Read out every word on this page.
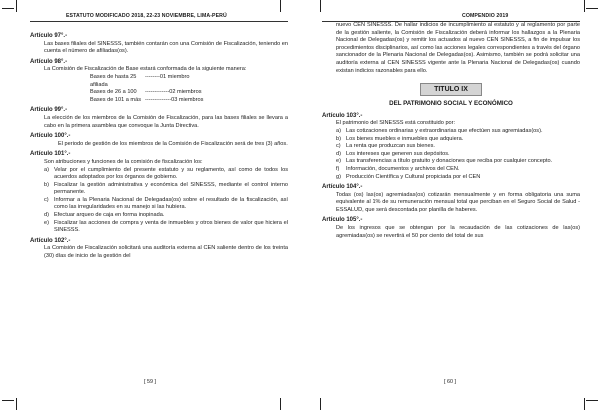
ESTATUTO MODIFICADO 2018, 22-23 NOVIEMBRE, LIMA-PERÚ
Artículo 97°.-
Las bases filiales del SINESSS, también contarán con una Comisión de Fiscalización, teniendo en cuenta el número de afiliadas(os).
Artículo 98°.-
La Comisión de Fiscalización de Base estará conformada de la siguiente manera:
Bases de hasta 25 afiliada
--------01 miembro
Bases de 26 a 100	-------------02 miembros
Bases de 101 a más --------------03 miembros
Artículo 99°.-
La elección de los miembros de la Comisión de Fiscalización, para las bases filiales se llevara a cabo en la primera asamblea que convoque la Junta Directiva.
Artículo 100°.-
El periodo de gestión de los miembros de la Comisión de Fiscalización será de tres (3) años.
Artículo 101°.-
Son atribuciones y funciones de la comisión de fiscalización los:
a) Velar por el cumplimiento del presente estatuto y su reglamento, así como de todos los acuerdos adoptados por los órganos de gobierno.
b) Fiscalizar la gestión administrativa y económica del SINESSS, mediante el control interno permanente.
c) Informar a la Plenaria Nacional de Delegadas(os) sobre el resultado de la fiscalización, así como las irregularidades en su manejo si las hubiera.
d) Efectuar arqueo de caja en forma inopinada.
e) Fiscalizar las acciones de compra y venta de inmuebles y otros bienes de valor que hiciera el SINESSS.
Artículo 102°.-
La Comisión de Fiscalización solicitará una auditoría externa al CEN saliente dentro de los treinta (30) días de inicio de la gestión del
[ 59 ]
COMPENDIO 2019
nuevo CEN SINESSS. De hallar indicios de incumplimiento al estatuto y al reglamento por parte de la gestión saliente, la Comisión de Fiscalización deberá informar los hallazgos a la Plenaria Nacional de Delegadas(os) y remitir los actuados al nuevo CEN SINESSS, a fin de impulsar los procedimientos disciplinarios, así como las acciones legales correspondientes a través del órgano sancionador de la Plenaria Nacional de Delegadas(os). Asimismo, también se podrá solicitar una auditoría externa al CEN SINESSS vigente ante la Plenaria Nacional de Delegadas(os) cuando existan indicios razonables para ello.
TITULO IX
DEL PATRIMONIO SOCIAL Y ECONÓMICO
Artículo 103°.-
El patrimonio del SINESSS está constituido por:
a) Las cotizaciones ordinarias y extraordinarias que efectúen sus agremiadas(os).
b) Los bienes muebles e inmuebles que adquiera.
c) La renta que produzcan sus bienes.
d) Los intereses que generen sus depósitos.
e) Las transferencias a título gratuito y donaciones que reciba por cualquier concepto.
f)	Información, documentos y archivos del CEN.
g) Producción Científica y Cultural propiciada por el CEN
Artículo 104°.-
Todas (os) las(os) agremiadas(os) cotizarán mensualmente y en forma obligatoria una suma equivalente al 1% de su remuneración mensual total que perciban en el Seguro Social de Salud - ESSALUD, que será descontada por planilla de haberes.
Artículo 105°.-
De los ingresos que se obtengan por la recaudación de las cotizaciones de las(os) agremiadas(os) se revertirá el 50 por ciento del total de sus
[ 60 ]
